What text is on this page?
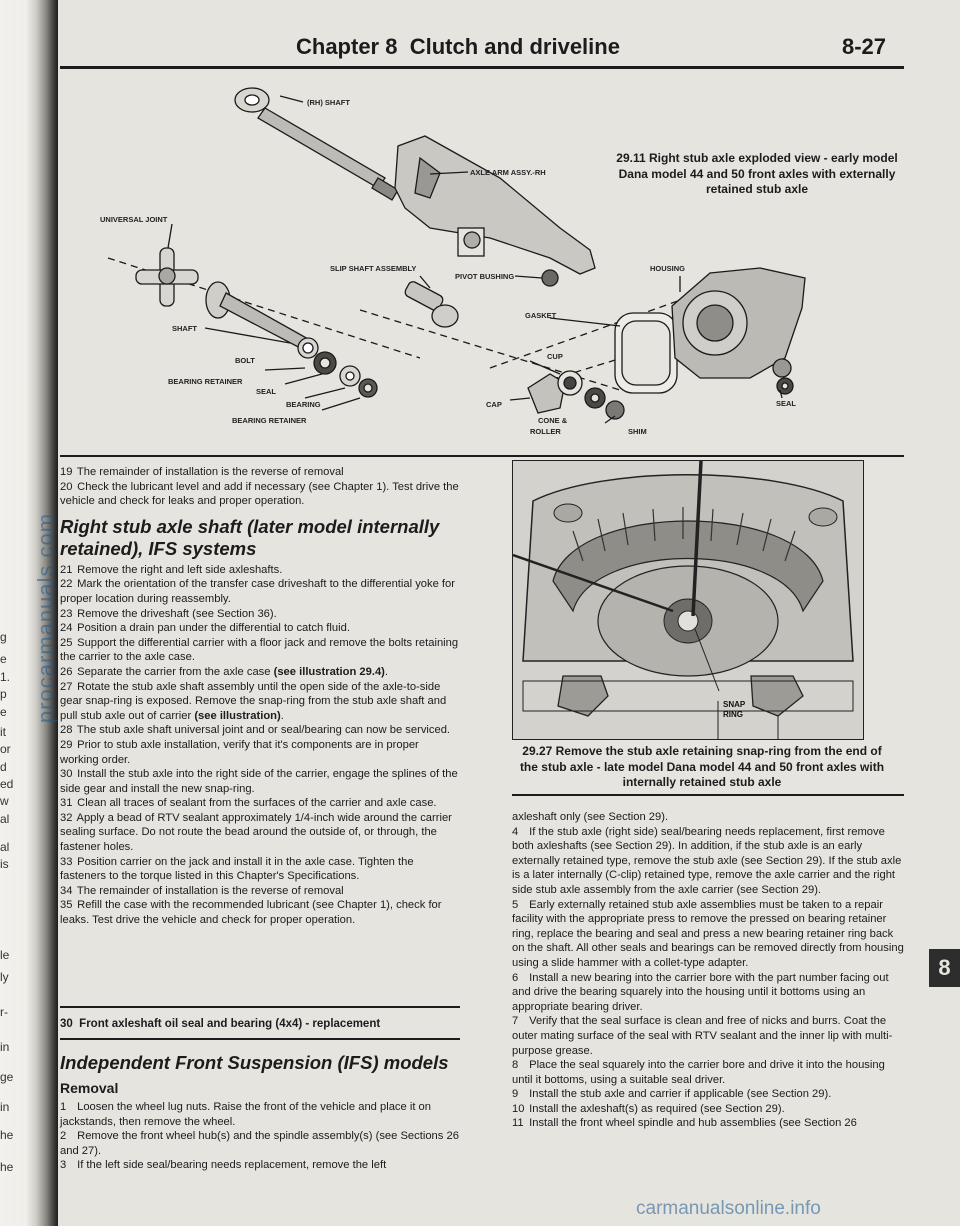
g
e
1.
p
e
it
or
d
ed
w
al
al
is
le
ly
r-
in
ge
in
he
he
procarmanuals.com
Chapter 8  Clutch and driveline	8-27
(RH) SHAFT
AXLE ARM ASSY.-RH
UNIVERSAL JOINT
SLIP SHAFT ASSEMBLY
PIVOT BUSHING
HOUSING
GASKET
SHAFT
BOLT
BEARING RETAINER
SEAL
BEARING
BEARING RETAINER
CUP
CAP
CONE &
ROLLER	SHIM
SEAL
29.11 Right stub axle exploded view - early model Dana model 44 and 50 front axles with externally retained stub axle

19 The remainder of installation is the reverse of removal

20 Check the lubricant level and add if necessary (see Chapter 1). Test drive the vehicle and check for leaks and proper operation.

Right stub axle shaft (later model internally retained), IFS systems

21 Remove the right and left side axleshafts.

22 Mark the orientation of the transfer case driveshaft to the differential yoke for proper location during reassembly.

23 Remove the driveshaft (see Section 36).

24 Position a drain pan under the differential to catch fluid.

25 Support the differential carrier with a floor jack and remove the bolts retaining the carrier to the axle case.

26 Separate the carrier from the axle case (see illustration 29.4).

27 Rotate the stub axle shaft assembly until the open side of the axle-to-side gear snap-ring is exposed. Remove the snap-ring from the stub axle shaft and pull stub axle out of carrier (see illustration).

28 The stub axle shaft universal joint and or seal/bearing can now be serviced.

29 Prior to stub axle installation, verify that it's components are in proper working order.

30 Install the stub axle into the right side of the carrier, engage the splines of the side gear and install the new snap-ring.

31 Clean all traces of sealant from the surfaces of the carrier and axle case.

32 Apply a bead of RTV sealant approximately 1/4-inch wide around the carrier sealing surface. Do not route the bead around the outside of, or through, the fastener holes.

33 Position carrier on the jack and install it in the axle case. Tighten the fasteners to the torque listed in this Chapter's Specifications.

34 The remainder of installation is the reverse of removal

35 Refill the case with the recommended lubricant (see Chapter 1), check for leaks. Test drive the vehicle and check for proper operation.

30  Front axleshaft oil seal and bearing (4x4) - replacement
Independent Front Suspension (IFS) models
Removal

1 Loosen the wheel lug nuts. Raise the front of the vehicle and place it on jackstands, then remove the wheel.

2 Remove the front wheel hub(s) and the spindle assembly(s) (see Sections 26 and 27).

3 If the left side seal/bearing needs replacement, remove the left

SNAP
RING
29.27 Remove the stub axle retaining snap-ring from the end of the stub axle - late model Dana model 44 and 50 front axles with internally retained stub axle

axleshaft only (see Section 29).

4 If the stub axle (right side) seal/bearing needs replacement, first remove both axleshafts (see Section 29). In addition, if the stub axle is an early externally retained type, remove the stub axle (see Section 29). If the stub axle is a later internally (C-clip) retained type, remove the axle carrier and the right side stub axle assembly from the axle carrier (see Section 29).

5 Early externally retained stub axle assemblies must be taken to a repair facility with the appropriate press to remove the pressed on bearing retainer ring, replace the bearing and seal and press a new bearing retainer ring back on the shaft. All other seals and bearings can be removed directly from housing using a slide hammer with a collet-type adapter.

6 Install a new bearing into the carrier bore with the part number facing out and drive the bearing squarely into the housing until it bottoms using an appropriate bearing driver.

7 Verify that the seal surface is clean and free of nicks and burrs. Coat the outer mating surface of the seal with RTV sealant and the inner lip with multi-purpose grease.

8 Place the seal squarely into the carrier bore and drive it into the housing until it bottoms, using a suitable seal driver.

9 Install the stub axle and carrier if applicable (see Section 29).

10 Install the axleshaft(s) as required (see Section 29).

11 Install the front wheel spindle and hub assemblies (see Section 26

8
carmanualsonline.info
